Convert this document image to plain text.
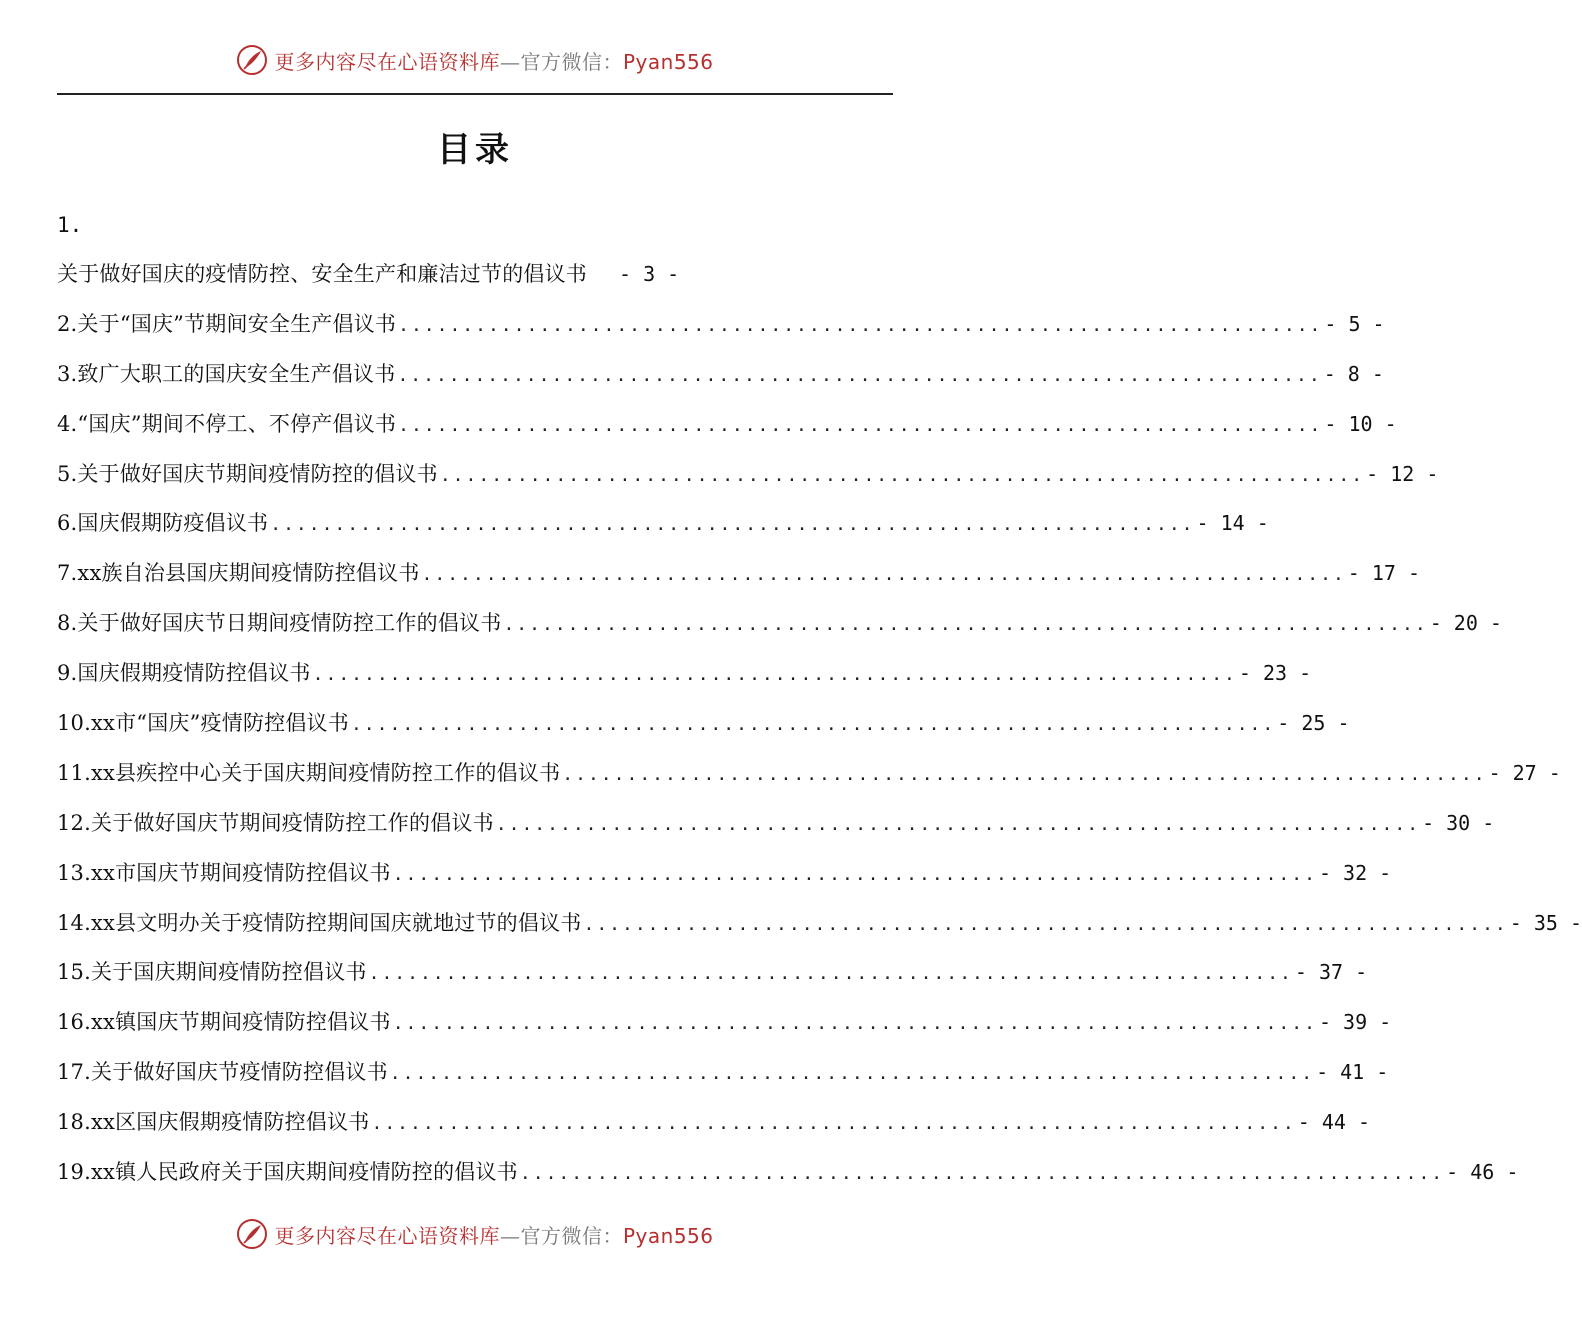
更多内容尽在心语资料库—官方微信：Pyan556
目录
1.
关于做好国庆的疫情防控、安全生产和廉洁过节的倡议书 - 3 -
2.关于“国庆”节期间安全生产倡议书 ........................................................................ - 5 -
3.致广大职工的国庆安全生产倡议书 ........................................................................ - 8 -
4.“国庆”期间不停工、不停产倡议书 ........................................................................ - 10 -
5.关于做好国庆节期间疫情防控的倡议书 ........................................................................ - 12 -
6.国庆假期防疫倡议书 ........................................................................ - 14 -
7.xx族自治县国庆期间疫情防控倡议书 ........................................................................ - 17 -
8.关于做好国庆节日期间疫情防控工作的倡议书 ........................................................................ - 20 -
9.国庆假期疫情防控倡议书 ........................................................................ - 23 -
10.xx市“国庆”疫情防控倡议书 ........................................................................ - 25 -
11.xx县疾控中心关于国庆期间疫情防控工作的倡议书 ........................................................................ - 27 -
12.关于做好国庆节期间疫情防控工作的倡议书 ........................................................................ - 30 -
13.xx市国庆节期间疫情防控倡议书 ........................................................................ - 32 -
14.xx县文明办关于疫情防控期间国庆就地过节的倡议书 ........................................................................ - 35 -
15.关于国庆期间疫情防控倡议书 ........................................................................ - 37 -
16.xx镇国庆节期间疫情防控倡议书 ........................................................................ - 39 -
17.关于做好国庆节疫情防控倡议书 ........................................................................ - 41 -
18.xx区国庆假期疫情防控倡议书 ........................................................................ - 44 -
19.xx镇人民政府关于国庆期间疫情防控的倡议书 ........................................................................ - 46 -
更多内容尽在心语资料库—官方微信：Pyan556
